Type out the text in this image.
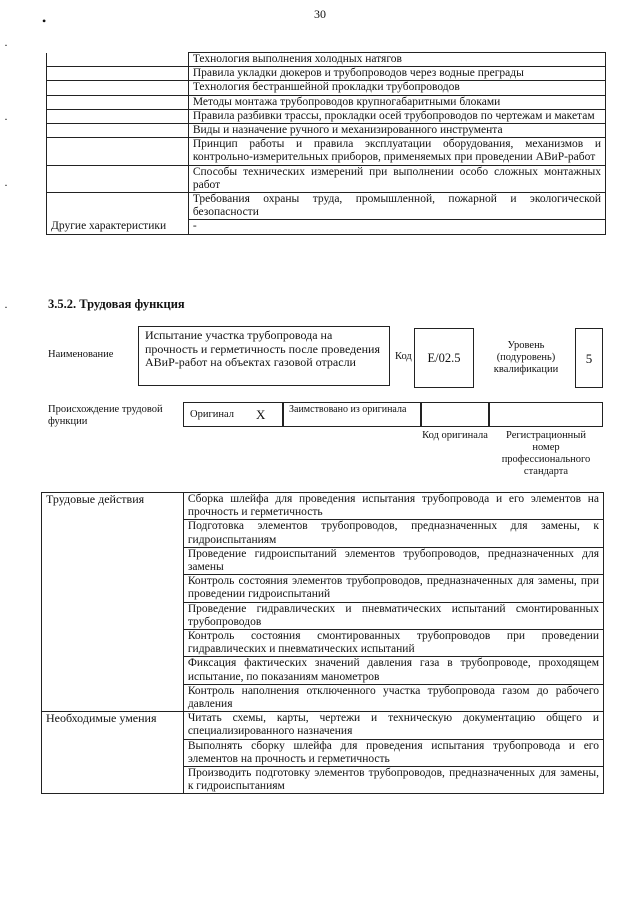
30
•
·
·
·
·
	Технология выполнения холодных натягов
	Правила укладки дюкеров и трубопроводов через водные преграды
	Технология бестраншейной прокладки трубопроводов
	Методы монтажа трубопроводов крупногабаритными блоками
	Правила разбивки трассы, прокладки осей трубопроводов по чертежам и макетам
	Виды и назначение ручного и механизированного инструмента
	Принцип работы и правила эксплуатации оборудования, механизмов и контрольно-измерительных приборов, применяемых при проведении АВиР-работ
	Способы технических измерений при выполнении особо сложных монтажных работ
	Требования охраны труда, промышленной, пожарной и экологической безопасности
Другие характеристики	-
3.5.2. Трудовая функция
Наименование
Испытание участка трубопровода на прочность и герметичность после проведения АВиР-работ на объектах газовой отрасли	Код	E/02.5
Уровень (подуровень) квалификации
5
Происхождение трудовой функции
Оригинал X	Заимствовано из оригинала
Код оригинала	Регистрационный номер профессионального стандарта
Трудовые действия	Сборка шлейфа для проведения испытания трубопровода и его элементов на прочность и герметичность
	Подготовка элементов трубопроводов, предназначенных для замены, к гидроиспытаниям
	Проведение гидроиспытаний элементов трубопроводов, предназначенных для замены
	Контроль состояния элементов трубопроводов, предназначенных для замены, при проведении гидроиспытаний
	Проведение гидравлических и пневматических испытаний смонтированных трубопроводов
	Контроль состояния смонтированных трубопроводов при проведении гидравлических и пневматических испытаний
	Фиксация фактических значений давления газа в трубопроводе, проходящем испытание, по показаниям манометров
	Контроль наполнения отключенного участка трубопровода газом до рабочего давления
Необходимые умения	Читать схемы, карты, чертежи и техническую документацию общего и специализированного назначения
	Выполнять сборку шлейфа для проведения испытания трубопровода и его элементов на прочность и герметичность
	Производить подготовку элементов трубопроводов, предназначенных для замены, к гидроиспытаниям
